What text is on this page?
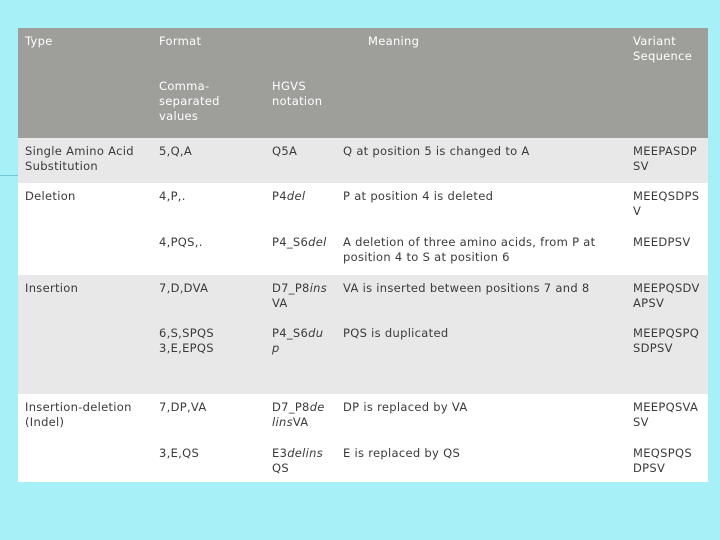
Type	Format		Meaning	Variant Sequence
	Comma-separated values	HGVS notation		
Single Amino Acid Substitution	5,Q,A	Q5A	Q at position 5 is changed to A	MEEPASDP SV
Deletion	4,P,.	P4del	P at position 4 is deleted	MEEQSDPS V
	4,PQS,.	P4_S6del	A deletion of three amino acids, from P at position 4 to S at position 6	MEEDPSV
Insertion	7,D,DVA	D7_P8ins VA	VA is inserted between positions 7 and 8	MEEPQSDV APSV
	6,S,SPQS 3,E,EPQS	P4_S6du p	PQS is duplicated	MEEPQSPQ SDPSV
Insertion-deletion (Indel)	7,DP,VA	D7_P8de linsVA	DP is replaced by VA	MEEPQSVA SV
	3,E,QS	E3delins QS	E is replaced by QS	MEQSPQS DPSV
